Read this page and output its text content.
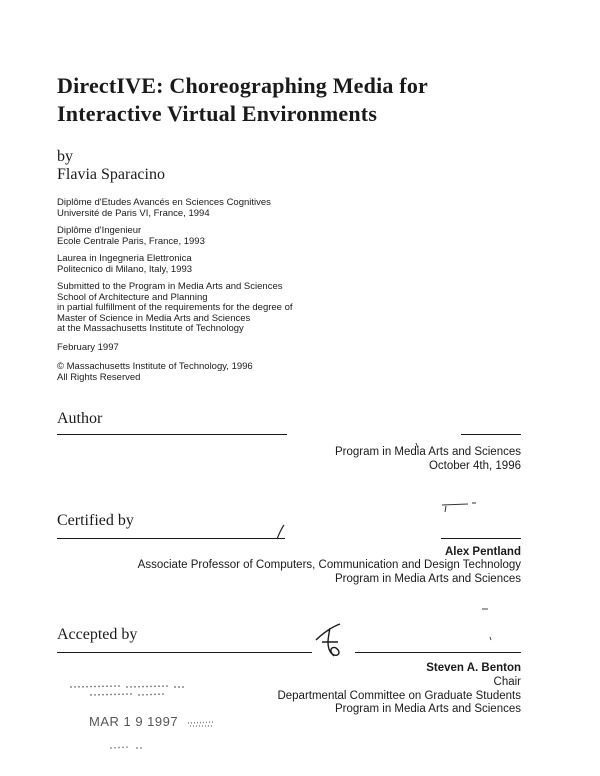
DirectIVE: Choreographing Media for
Interactive Virtual Environments
by
Flavia Sparacino
Diplôme d'Etudes Avancés en Sciences Cognitives
Université de Paris VI, France, 1994
Diplôme d'Ingenieur
Ecole Centrale Paris, France, 1993
Laurea in Ingegneria Elettronica
Politecnico di Milano, Italy, 1993
Submitted to the Program in Media Arts and Sciences
School of Architecture and Planning
in partial fulfillment of the requirements for the degree of
Master of Science in Media Arts and Sciences
at the Massachusetts Institute of Technology
February 1997
© Massachusetts Institute of Technology, 1996
All Rights Reserved
Author
Program in Media Arts and Sciences
October 4th, 1996
Certified by
Alex Pentland
Associate Professor of Computers, Communication and Design Technology
Program in Media Arts and Sciences
Accepted by
Steven A. Benton
Chair
Departmental Committee on Graduate Students
Program in Media Arts and Sciences
MAR 1 9 1997
